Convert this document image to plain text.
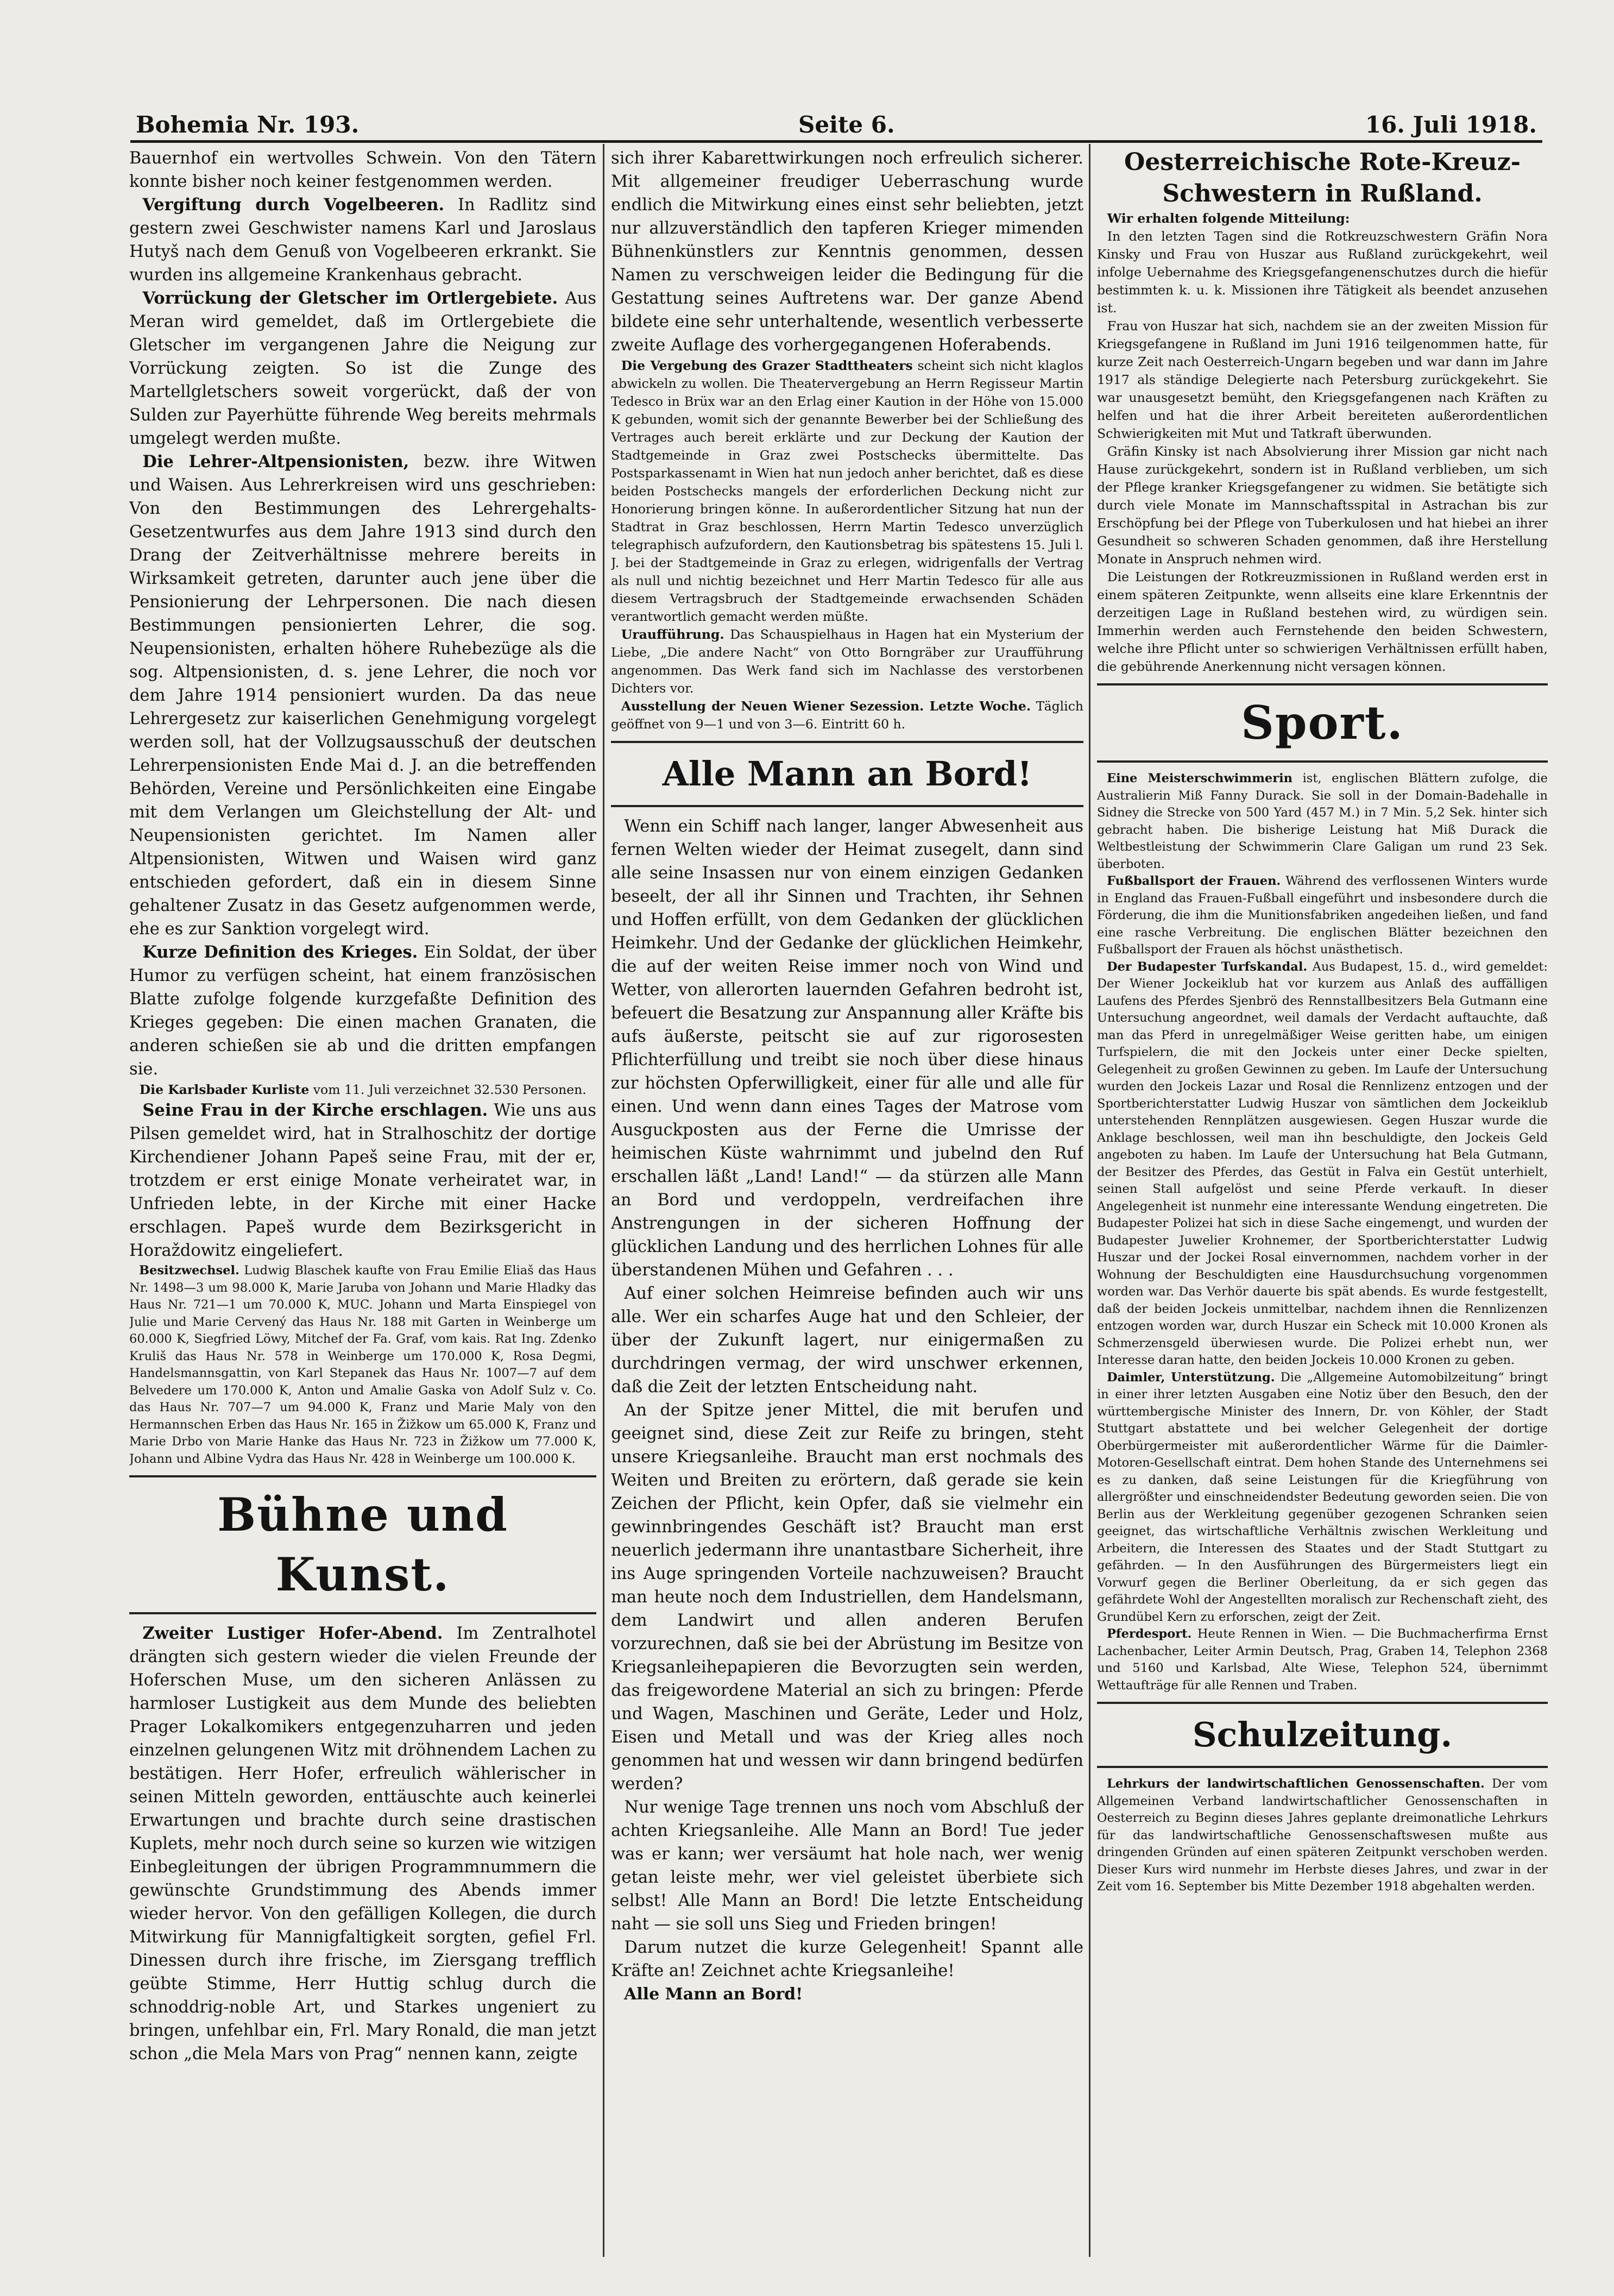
Bohemia Nr. 193.	Seite 6.	16. Juli 1918.

Bauernhof ein wertvolles Schwein. Von den Tätern konnte bisher noch keiner festgenommen werden.

Vergiftung durch Vogelbeeren. In Radlitz sind gestern zwei Geschwister namens Karl und Jaroslaus Hutyš nach dem Genuß von Vogelbeeren erkrankt. Sie wurden ins allgemeine Krankenhaus gebracht.

Vorrückung der Gletscher im Ortlergebiete. Aus Meran wird gemeldet, daß im Ortlergebiete die Gletscher im vergangenen Jahre die Neigung zur Vorrückung zeigten. So ist die Zunge des Martellgletschers soweit vorgerückt, daß der von Sulden zur Payerhütte führende Weg bereits mehrmals umgelegt werden mußte.

Die Lehrer-Altpensionisten, bezw. ihre Witwen und Waisen. Aus Lehrerkreisen wird uns geschrieben: Von den Bestimmungen des Lehrergehalts-Gesetzentwurfes aus dem Jahre 1913 sind durch den Drang der Zeitverhältnisse mehrere bereits in Wirksamkeit getreten, darunter auch jene über die Pensionierung der Lehrpersonen. Die nach diesen Bestimmungen pensionierten Lehrer, die sog. Neupensionisten, erhalten höhere Ruhebezüge als die sog. Altpensionisten, d. s. jene Lehrer, die noch vor dem Jahre 1914 pensioniert wurden. Da das neue Lehrergesetz zur kaiserlichen Genehmigung vorgelegt werden soll, hat der Vollzugsausschuß der deutschen Lehrerpensionisten Ende Mai d. J. an die betreffenden Behörden, Vereine und Persönlichkeiten eine Eingabe mit dem Verlangen um Gleichstellung der Alt- und Neupensionisten gerichtet. Im Namen aller Altpensionisten, Witwen und Waisen wird ganz entschieden gefordert, daß ein in diesem Sinne gehaltener Zusatz in das Gesetz aufgenommen werde, ehe es zur Sanktion vorgelegt wird.

Kurze Definition des Krieges. Ein Soldat, der über Humor zu verfügen scheint, hat einem französischen Blatte zufolge folgende kurzgefaßte Definition des Krieges gegeben: Die einen machen Granaten, die anderen schießen sie ab und die dritten empfangen sie.

Die Karlsbader Kurliste vom 11. Juli verzeichnet 32.530 Personen.

Seine Frau in der Kirche erschlagen. Wie uns aus Pilsen gemeldet wird, hat in Stralhoschitz der dortige Kirchendiener Johann Papeš seine Frau, mit der er, trotzdem er erst einige Monate verheiratet war, in Unfrieden lebte, in der Kirche mit einer Hacke erschlagen. Papeš wurde dem Bezirksgericht in Horaždowitz eingeliefert.

Besitzwechsel. Ludwig Blaschek kaufte von Frau Emilie Eliaš das Haus Nr. 1498—3 um 98.000 K, Marie Jaruba von Johann und Marie Hladky das Haus Nr. 721—1 um 70.000 K, MUC. Johann und Marta Einspiegel von Julie und Marie Cervený das Haus Nr. 188 mit Garten in Weinberge um 60.000 K, Siegfried Löwy, Mitchef der Fa. Graf, vom kais. Rat Ing. Zdenko Kruliš das Haus Nr. 578 in Weinberge um 170.000 K, Rosa Degmi, Handelsmannsgattin, von Karl Stepanek das Haus Nr. 1007—7 auf dem Belvedere um 170.000 K, Anton und Amalie Gaska von Adolf Sulz v. Co. das Haus Nr. 707—7 um 94.000 K, Franz und Marie Maly von den Hermannschen Erben das Haus Nr. 165 in Žižkow um 65.000 K, Franz und Marie Drbo von Marie Hanke das Haus Nr. 723 in Žižkow um 77.000 K, Johann und Albine Vydra das Haus Nr. 428 in Weinberge um 100.000 K.

Bühne und Kunst.

Zweiter Lustiger Hofer-Abend. Im Zentralhotel drängten sich gestern wieder die vielen Freunde der Hoferschen Muse, um den sicheren Anlässen zu harmloser Lustigkeit aus dem Munde des beliebten Prager Lokalkomikers entgegenzuharren und jeden einzelnen gelungenen Witz mit dröhnendem Lachen zu bestätigen. Herr Hofer, erfreulich wählerischer in seinen Mitteln geworden, enttäuschte auch keinerlei Erwartungen und brachte durch seine drastischen Kuplets, mehr noch durch seine so kurzen wie witzigen Einbegleitungen der übrigen Programmnummern die gewünschte Grundstimmung des Abends immer wieder hervor. Von den gefälligen Kollegen, die durch Mitwirkung für Mannigfaltigkeit sorgten, gefiel Frl. Dinessen durch ihre frische, im Ziersgang trefflich geübte Stimme, Herr Huttig schlug durch die schnoddrig-noble Art, und Starkes ungeniert zu bringen, unfehlbar ein, Frl. Mary Ronald, die man jetzt schon „die Mela Mars von Prag“ nennen kann, zeigte

sich ihrer Kabarettwirkungen noch erfreulich sicherer. Mit allgemeiner freudiger Ueberraschung wurde endlich die Mitwirkung eines einst sehr beliebten, jetzt nur allzuverständlich den tapferen Krieger mimenden Bühnenkünstlers zur Kenntnis genommen, dessen Namen zu verschweigen leider die Bedingung für die Gestattung seines Auftretens war. Der ganze Abend bildete eine sehr unterhaltende, wesentlich verbesserte zweite Auflage des vorhergegangenen Hoferabends.

Die Vergebung des Grazer Stadttheaters scheint sich nicht klaglos abwickeln zu wollen. Die Theatervergebung an Herrn Regisseur Martin Tedesco in Brüx war an den Erlag einer Kaution in der Höhe von 15.000 K gebunden, womit sich der genannte Bewerber bei der Schließung des Vertrages auch bereit erklärte und zur Deckung der Kaution der Stadtgemeinde in Graz zwei Postschecks übermittelte. Das Postsparkassenamt in Wien hat nun jedoch anher berichtet, daß es diese beiden Postschecks mangels der erforderlichen Deckung nicht zur Honorierung bringen könne. In außerordentlicher Sitzung hat nun der Stadtrat in Graz beschlossen, Herrn Martin Tedesco unverzüglich telegraphisch aufzufordern, den Kautionsbetrag bis spätestens 15. Juli l. J. bei der Stadtgemeinde in Graz zu erlegen, widrigenfalls der Vertrag als null und nichtig bezeichnet und Herr Martin Tedesco für alle aus diesem Vertragsbruch der Stadtgemeinde erwachsenden Schäden verantwortlich gemacht werden müßte.

Uraufführung. Das Schauspielhaus in Hagen hat ein Mysterium der Liebe, „Die andere Nacht“ von Otto Borngräber zur Uraufführung angenommen. Das Werk fand sich im Nachlasse des verstorbenen Dichters vor.

Ausstellung der Neuen Wiener Sezession. Letzte Woche. Täglich geöffnet von 9—1 und von 3—6. Eintritt 60 h.

Alle Mann an Bord!

Wenn ein Schiff nach langer, langer Abwesenheit aus fernen Welten wieder der Heimat zusegelt, dann sind alle seine Insassen nur von einem einzigen Gedanken beseelt, der all ihr Sinnen und Trachten, ihr Sehnen und Hoffen erfüllt, von dem Gedanken der glücklichen Heimkehr. Und der Gedanke der glücklichen Heimkehr, die auf der weiten Reise immer noch von Wind und Wetter, von allerorten lauernden Gefahren bedroht ist, befeuert die Besatzung zur Anspannung aller Kräfte bis aufs äußerste, peitscht sie auf zur rigorosesten Pflichterfüllung und treibt sie noch über diese hinaus zur höchsten Opferwilligkeit, einer für alle und alle für einen. Und wenn dann eines Tages der Matrose vom Ausguckposten aus der Ferne die Umrisse der heimischen Küste wahrnimmt und jubelnd den Ruf erschallen läßt „Land! Land!“ — da stürzen alle Mann an Bord und verdoppeln, verdreifachen ihre Anstrengungen in der sicheren Hoffnung der glücklichen Landung und des herrlichen Lohnes für alle überstandenen Mühen und Gefahren . . .

Auf einer solchen Heimreise befinden auch wir uns alle. Wer ein scharfes Auge hat und den Schleier, der über der Zukunft lagert, nur einigermaßen zu durchdringen vermag, der wird unschwer erkennen, daß die Zeit der letzten Entscheidung naht.

An der Spitze jener Mittel, die mit berufen und geeignet sind, diese Zeit zur Reife zu bringen, steht unsere Kriegsanleihe. Braucht man erst nochmals des Weiten und Breiten zu erörtern, daß gerade sie kein Zeichen der Pflicht, kein Opfer, daß sie vielmehr ein gewinnbringendes Geschäft ist? Braucht man erst neuerlich jedermann ihre unantastbare Sicherheit, ihre ins Auge springenden Vorteile nachzuweisen? Braucht man heute noch dem Industriellen, dem Handelsmann, dem Landwirt und allen anderen Berufen vorzurechnen, daß sie bei der Abrüstung im Besitze von Kriegsanleihepapieren die Bevorzugten sein werden, das freigewordene Material an sich zu bringen: Pferde und Wagen, Maschinen und Geräte, Leder und Holz, Eisen und Metall und was der Krieg alles noch genommen hat und wessen wir dann bringend bedürfen werden?

Nur wenige Tage trennen uns noch vom Abschluß der achten Kriegsanleihe. Alle Mann an Bord! Tue jeder was er kann; wer versäumt hat hole nach, wer wenig getan leiste mehr, wer viel geleistet überbiete sich selbst! Alle Mann an Bord! Die letzte Entscheidung naht — sie soll uns Sieg und Frieden bringen!

Darum nutzet die kurze Gelegenheit! Spannt alle Kräfte an! Zeichnet achte Kriegsanleihe!

Alle Mann an Bord!

Oesterreichische Rote-Kreuz-Schwestern in Rußland.

Wir erhalten folgende Mitteilung:

In den letzten Tagen sind die Rotkreuzschwestern Gräfin Nora Kinsky und Frau von Huszar aus Rußland zurückgekehrt, weil infolge Uebernahme des Kriegsgefangenenschutzes durch die hiefür bestimmten k. u. k. Missionen ihre Tätigkeit als beendet anzusehen ist.

Frau von Huszar hat sich, nachdem sie an der zweiten Mission für Kriegsgefangene in Rußland im Juni 1916 teilgenommen hatte, für kurze Zeit nach Oesterreich-Ungarn begeben und war dann im Jahre 1917 als ständige Delegierte nach Petersburg zurückgekehrt. Sie war unausgesetzt bemüht, den Kriegsgefangenen nach Kräften zu helfen und hat die ihrer Arbeit bereiteten außerordentlichen Schwierigkeiten mit Mut und Tatkraft überwunden.

Gräfin Kinsky ist nach Absolvierung ihrer Mission gar nicht nach Hause zurückgekehrt, sondern ist in Rußland verblieben, um sich der Pflege kranker Kriegsgefangener zu widmen. Sie betätigte sich durch viele Monate im Mannschaftsspital in Astrachan bis zur Erschöpfung bei der Pflege von Tuberkulosen und hat hiebei an ihrer Gesundheit so schweren Schaden genommen, daß ihre Herstellung Monate in Anspruch nehmen wird.

Die Leistungen der Rotkreuzmissionen in Rußland werden erst in einem späteren Zeitpunkte, wenn allseits eine klare Erkenntnis der derzeitigen Lage in Rußland bestehen wird, zu würdigen sein. Immerhin werden auch Fernstehende den beiden Schwestern, welche ihre Pflicht unter so schwierigen Verhältnissen erfüllt haben, die gebührende Anerkennung nicht versagen können.

Sport.

Eine Meisterschwimmerin ist, englischen Blättern zufolge, die Australierin Miß Fanny Durack. Sie soll in der Domain-Badehalle in Sidney die Strecke von 500 Yard (457 M.) in 7 Min. 5,2 Sek. hinter sich gebracht haben. Die bisherige Leistung hat Miß Durack die Weltbestleistung der Schwimmerin Clare Galigan um rund 23 Sek. überboten.

Fußballsport der Frauen. Während des verflossenen Winters wurde in England das Frauen-Fußball eingeführt und insbesondere durch die Förderung, die ihm die Munitionsfabriken angedeihen ließen, und fand eine rasche Verbreitung. Die englischen Blätter bezeichnen den Fußballsport der Frauen als höchst unästhetisch.

Der Budapester Turfskandal. Aus Budapest, 15. d., wird gemeldet: Der Wiener Jockeiklub hat vor kurzem aus Anlaß des auffälligen Laufens des Pferdes Sjenbrö des Rennstallbesitzers Bela Gutmann eine Untersuchung angeordnet, weil damals der Verdacht auftauchte, daß man das Pferd in unregelmäßiger Weise geritten habe, um einigen Turfspielern, die mit den Jockeis unter einer Decke spielten, Gelegenheit zu großen Gewinnen zu geben. Im Laufe der Untersuchung wurden den Jockeis Lazar und Rosal die Rennlizenz entzogen und der Sportberichterstatter Ludwig Huszar von sämtlichen dem Jockeiklub unterstehenden Rennplätzen ausgewiesen. Gegen Huszar wurde die Anklage beschlossen, weil man ihn beschuldigte, den Jockeis Geld angeboten zu haben. Im Laufe der Untersuchung hat Bela Gutmann, der Besitzer des Pferdes, das Gestüt in Falva ein Gestüt unterhielt, seinen Stall aufgelöst und seine Pferde verkauft. In dieser Angelegenheit ist nunmehr eine interessante Wendung eingetreten. Die Budapester Polizei hat sich in diese Sache eingemengt, und wurden der Budapester Juwelier Krohnemer, der Sportberichterstatter Ludwig Huszar und der Jockei Rosal einvernommen, nachdem vorher in der Wohnung der Beschuldigten eine Hausdurchsuchung vorgenommen worden war. Das Verhör dauerte bis spät abends. Es wurde festgestellt, daß der beiden Jockeis unmittelbar, nachdem ihnen die Rennlizenzen entzogen worden war, durch Huszar ein Scheck mit 10.000 Kronen als Schmerzensgeld überwiesen wurde. Die Polizei erhebt nun, wer Interesse daran hatte, den beiden Jockeis 10.000 Kronen zu geben.

Daimler, Unterstützung. Die „Allgemeine Automobilzeitung“ bringt in einer ihrer letzten Ausgaben eine Notiz über den Besuch, den der württembergische Minister des Innern, Dr. von Köhler, der Stadt Stuttgart abstattete und bei welcher Gelegenheit der dortige Oberbürgermeister mit außerordentlicher Wärme für die Daimler-Motoren-Gesellschaft eintrat. Dem hohen Stande des Unternehmens sei es zu danken, daß seine Leistungen für die Kriegführung von allergrößter und einschneidendster Bedeutung geworden seien. Die von Berlin aus der Werkleitung gegenüber gezogenen Schranken seien geeignet, das wirtschaftliche Verhältnis zwischen Werkleitung und Arbeitern, die Interessen des Staates und der Stadt Stuttgart zu gefährden. — In den Ausführungen des Bürgermeisters liegt ein Vorwurf gegen die Berliner Oberleitung, da er sich gegen das gefährdete Wohl der Angestellten moralisch zur Rechenschaft zieht, des Grundübel Kern zu erforschen, zeigt der Zeit.

Pferdesport. Heute Rennen in Wien. — Die Buchmacherfirma Ernst Lachenbacher, Leiter Armin Deutsch, Prag, Graben 14, Telephon 2368 und 5160 und Karlsbad, Alte Wiese, Telephon 524, übernimmt Wettaufträge für alle Rennen und Traben.

Schulzeitung.

Lehrkurs der landwirtschaftlichen Genossenschaften. Der vom Allgemeinen Verband landwirtschaftlicher Genossenschaften in Oesterreich zu Beginn dieses Jahres geplante dreimonatliche Lehrkurs für das landwirtschaftliche Genossenschaftswesen mußte aus dringenden Gründen auf einen späteren Zeitpunkt verschoben werden. Dieser Kurs wird nunmehr im Herbste dieses Jahres, und zwar in der Zeit vom 16. September bis Mitte Dezember 1918 abgehalten werden.
